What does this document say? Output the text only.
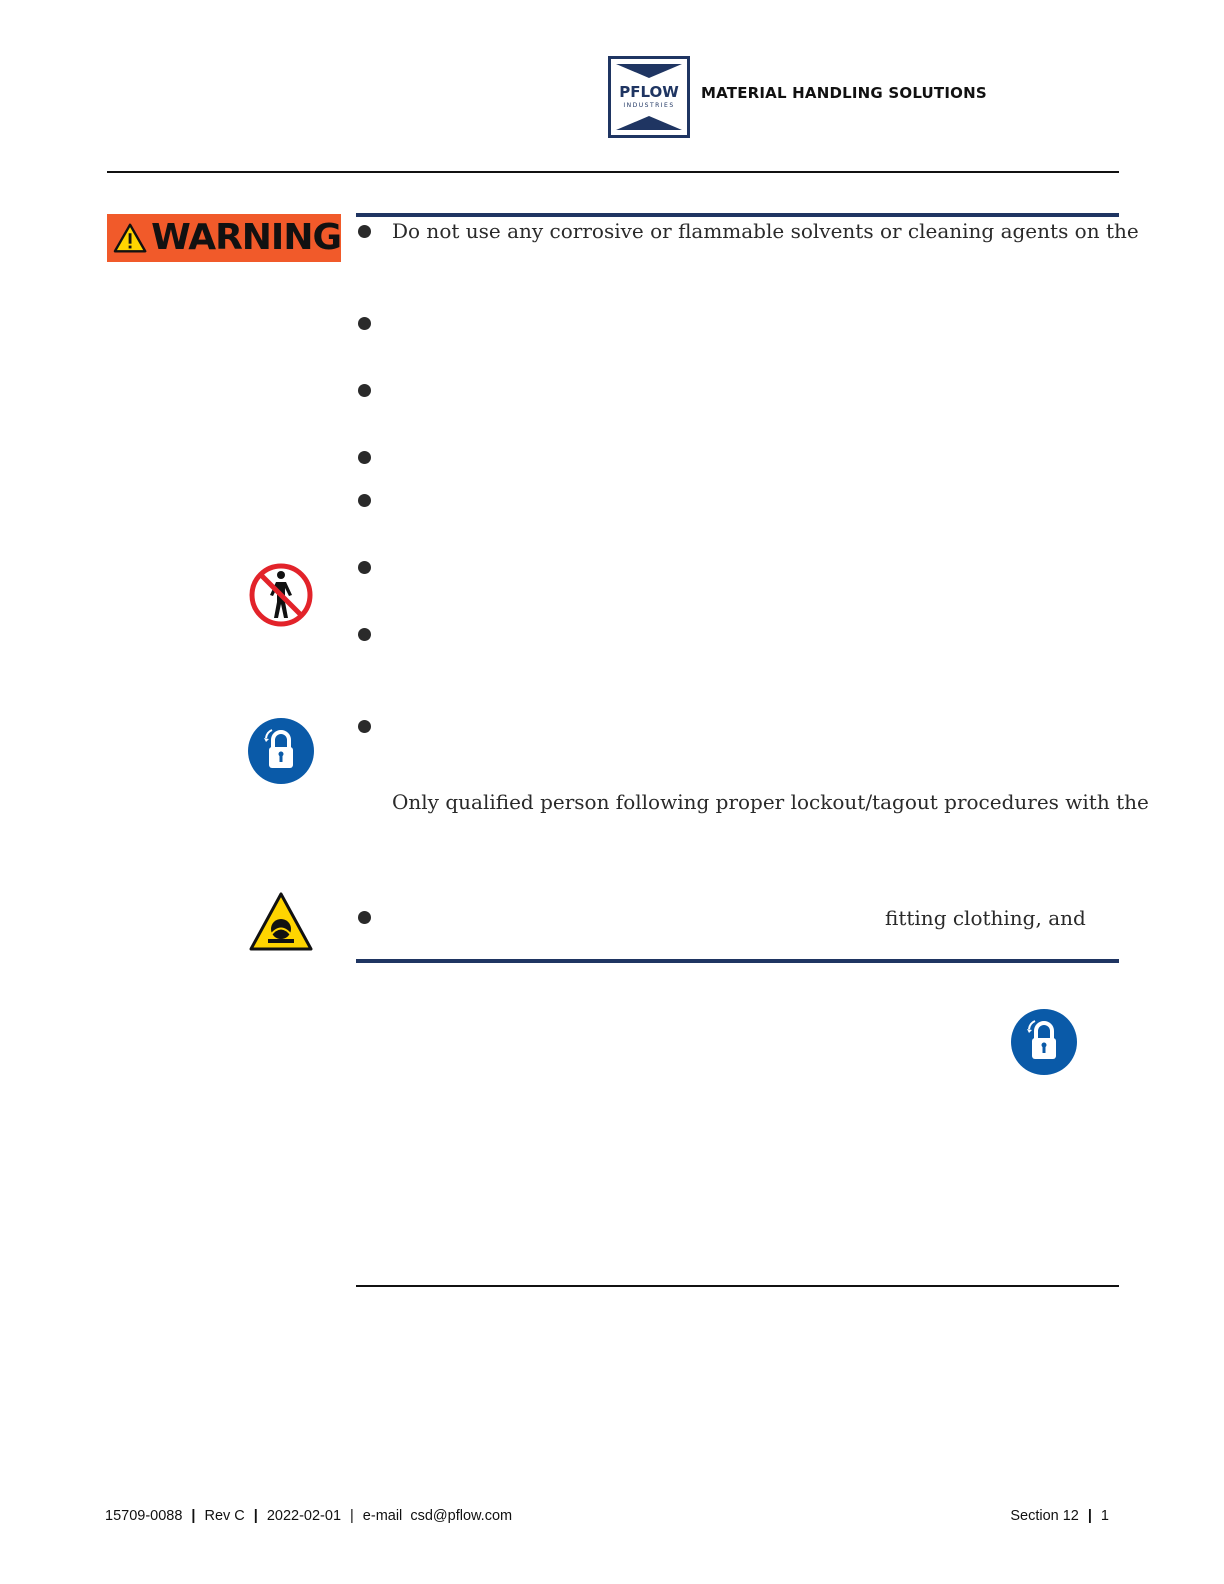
PFLOW
INDUSTRIES
MATERIAL HANDLING SOLUTIONS
WARNING	Do not use any corrosive or flammable solvents or cleaning agents on the
Only qualified person following proper lockout/tagout procedures with the
fitting clothing, and
15709-0088 | Rev C | 2022-02-01 | e-mail csd@pflow.com	Section 12 | 1
